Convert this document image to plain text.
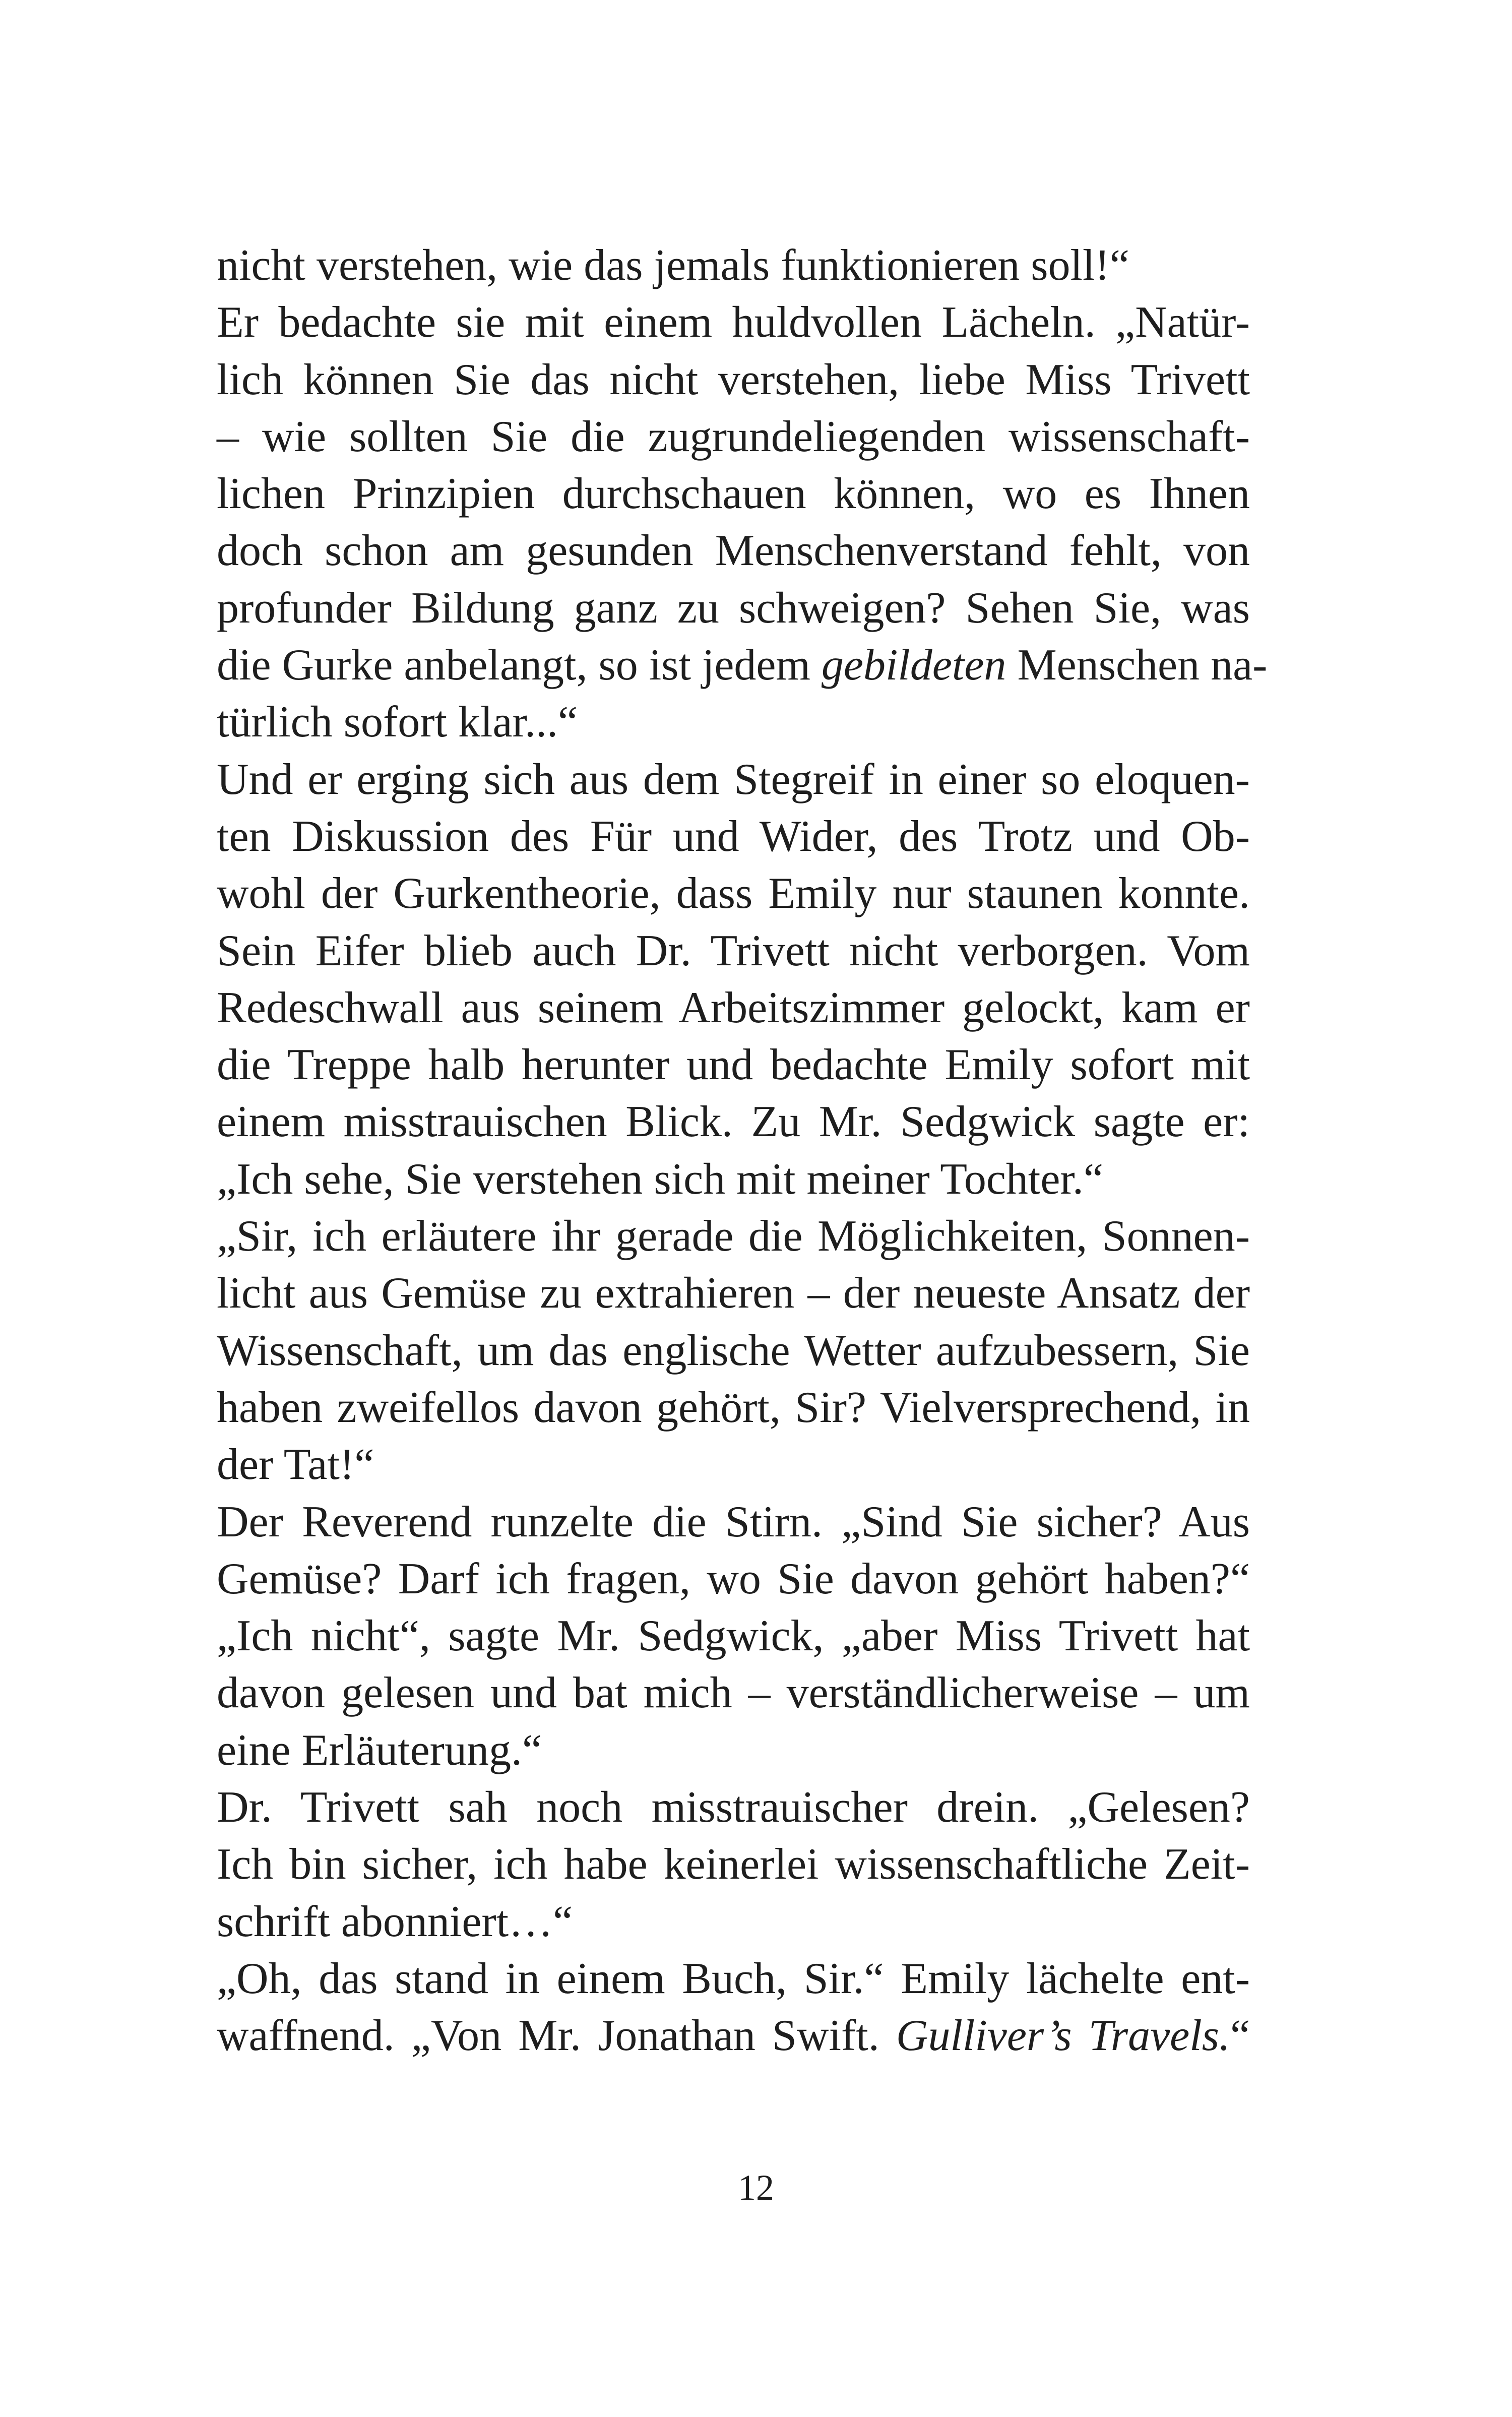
nicht verstehen, wie das jemals funktionieren soll!“
Er bedachte sie mit einem huldvollen Lächeln. „Natür-
lich können Sie das nicht verstehen, liebe Miss Trivett
– wie sollten Sie die zugrundeliegenden wissenschaft-
lichen Prinzipien durchschauen können, wo es Ihnen
doch schon am gesunden Menschenverstand fehlt, von
profunder Bildung ganz zu schweigen? Sehen Sie, was
die Gurke anbelangt, so ist jedem gebildeten Menschen na-
türlich sofort klar...“
Und er erging sich aus dem Stegreif in einer so eloquen-
ten Diskussion des Für und Wider, des Trotz und Ob-
wohl der Gurkentheorie, dass Emily nur staunen konnte.
Sein Eifer blieb auch Dr. Trivett nicht verborgen. Vom
Redeschwall aus seinem Arbeitszimmer gelockt, kam er
die Treppe halb herunter und bedachte Emily sofort mit
einem misstrauischen Blick. Zu Mr. Sedgwick sagte er:
„Ich sehe, Sie verstehen sich mit meiner Tochter.“
„Sir, ich erläutere ihr gerade die Möglichkeiten, Sonnen-
licht aus Gemüse zu extrahieren – der neueste Ansatz der
Wissenschaft, um das englische Wetter aufzubessern, Sie
haben zweifellos davon gehört, Sir? Vielversprechend, in
der Tat!“
Der Reverend runzelte die Stirn. „Sind Sie sicher? Aus
Gemüse? Darf ich fragen, wo Sie davon gehört haben?“
„Ich nicht“, sagte Mr. Sedgwick, „aber Miss Trivett hat
davon gelesen und bat mich – verständlicherweise – um
eine Erläuterung.“
Dr. Trivett sah noch misstrauischer drein. „Gelesen?
Ich bin sicher, ich habe keinerlei wissenschaftliche Zeit-
schrift abonniert…“
„Oh, das stand in einem Buch, Sir.“ Emily lächelte ent-
waffnend. „Von Mr. Jonathan Swift. Gulliver’s Travels.“
12
